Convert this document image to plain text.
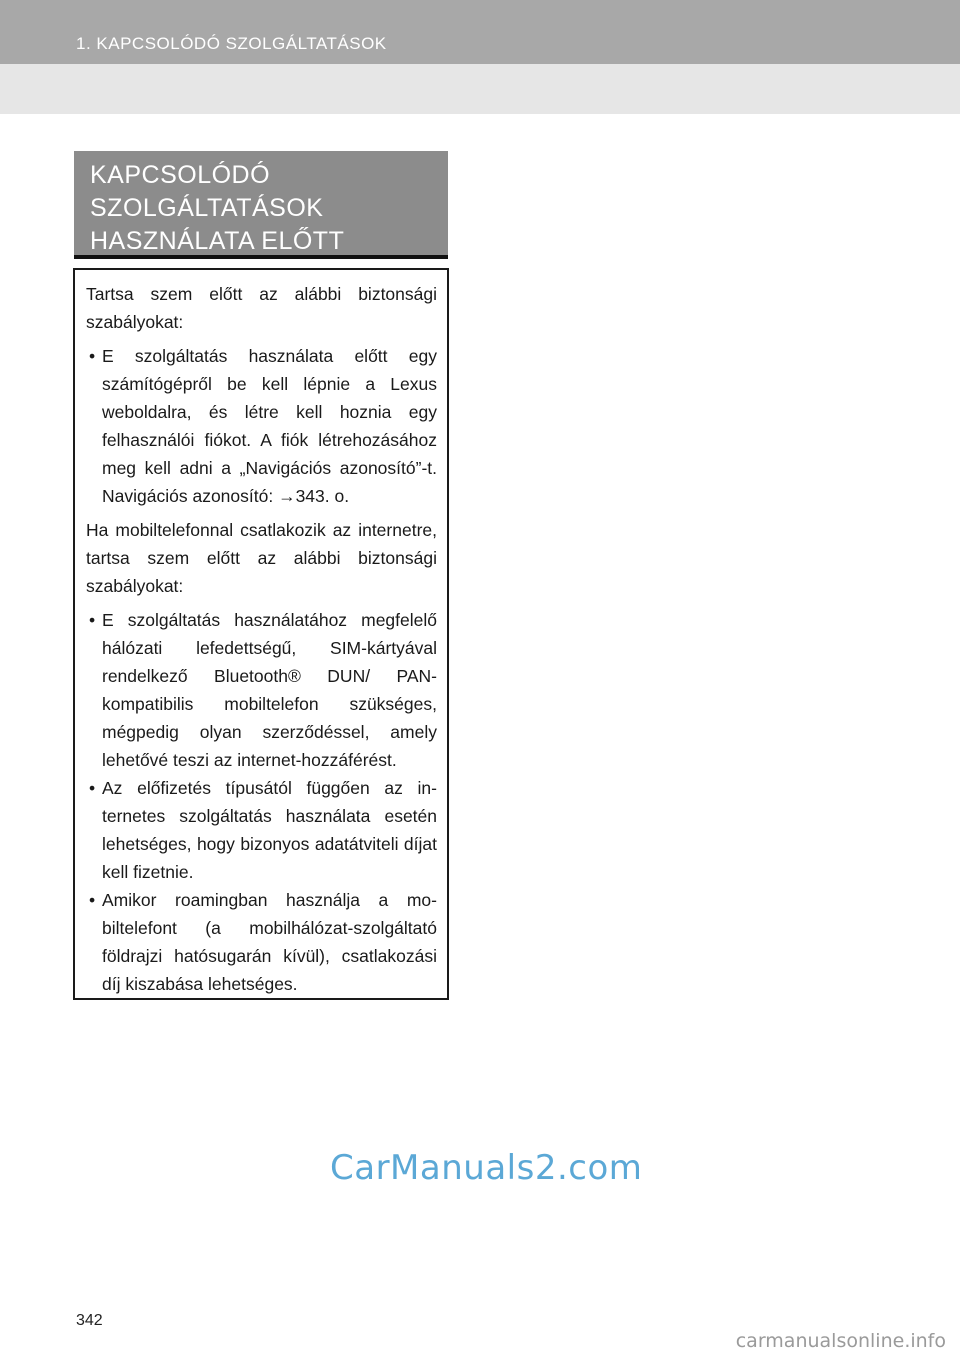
1. KAPCSOLÓDÓ SZOLGÁLTATÁSOK
KAPCSOLÓDÓ
SZOLGÁLTATÁSOK
HASZNÁLATA ELŐTT

Tartsa szem előtt az alábbi biztonsági szabályokat:

• E szolgáltatás használata előtt egy számítógépről be kell lépnie a Lexus weboldalra, és létre kell hoznia egy felhasználói fiókot. A fiók létrehozásához meg kell adni a „Navigációs azonosító”-t. Navigációs azonosító: →343. o.

Ha mobiltelefonnal csatlakozik az internetre, tartsa szem előtt az alábbi biztonsági szabályokat:

• E szolgáltatás használatához megfelelő hálózati lefedettségű, SIM-kártyával rendelkező Bluetooth® DUN/ PAN-kompatibilis mobiltelefon szükséges, mégpedig olyan szerződéssel, amely lehetővé teszi az internet-hozzáférést.
• Az előfizetés típusától függően az internetes szolgáltatás használata esetén lehetséges, hogy bizonyos adatátviteli díjat kell fizetnie.
• Amikor roamingban használja a mobiltelefont (a mobilhálózat-szolgáltató földrajzi hatósugarán kívül), csatlakozási díj kiszabása lehetséges.
CarManuals2.com
342
carmanualsonline.info
